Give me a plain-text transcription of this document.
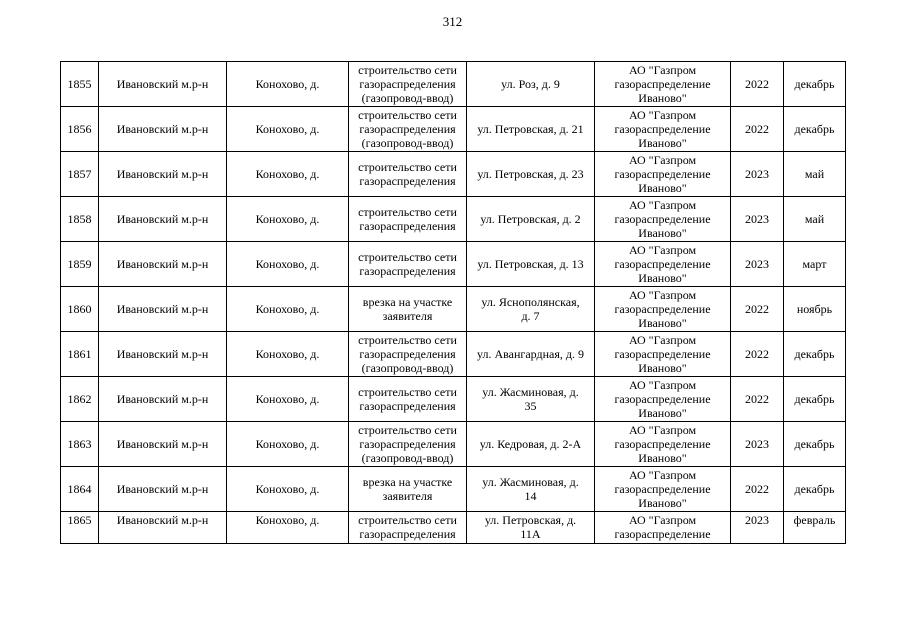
312
1855	Ивановский м.р-н	Конохово, д.	строительство сети
газораспределения
(газопровод-ввод)	ул. Роз, д. 9	АО "Газпром
газораспределение
Иваново"	2022	декабрь
1856	Ивановский м.р-н	Конохово, д.	строительство сети
газораспределения
(газопровод-ввод)	ул. Петровская, д. 21	АО "Газпром
газораспределение
Иваново"	2022	декабрь
1857	Ивановский м.р-н	Конохово, д.	строительство сети
газораспределения	ул. Петровская, д. 23	АО "Газпром
газораспределение
Иваново"	2023	май
1858	Ивановский м.р-н	Конохово, д.	строительство сети
газораспределения	ул. Петровская, д. 2	АО "Газпром
газораспределение
Иваново"	2023	май
1859	Ивановский м.р-н	Конохово, д.	строительство сети
газораспределения	ул. Петровская, д. 13	АО "Газпром
газораспределение
Иваново"	2023	март
1860	Ивановский м.р-н	Конохово, д.	врезка на участке
заявителя	ул. Яснополянская,
д. 7	АО "Газпром
газораспределение
Иваново"	2022	ноябрь
1861	Ивановский м.р-н	Конохово, д.	строительство сети
газораспределения
(газопровод-ввод)	ул. Авангардная, д. 9	АО "Газпром
газораспределение
Иваново"	2022	декабрь
1862	Ивановский м.р-н	Конохово, д.	строительство сети
газораспределения	ул. Жасминовая, д.
35	АО "Газпром
газораспределение
Иваново"	2022	декабрь
1863	Ивановский м.р-н	Конохово, д.	строительство сети
газораспределения
(газопровод-ввод)	ул. Кедровая, д. 2-А	АО "Газпром
газораспределение
Иваново"	2023	декабрь
1864	Ивановский м.р-н	Конохово, д.	врезка на участке
заявителя	ул. Жасминовая, д.
14	АО "Газпром
газораспределение
Иваново"	2022	декабрь
1865	Ивановский м.р-н	Конохово, д.	строительство сети
газораспределения	ул. Петровская, д.
11А	АО "Газпром
газораспределение	2023	февраль
